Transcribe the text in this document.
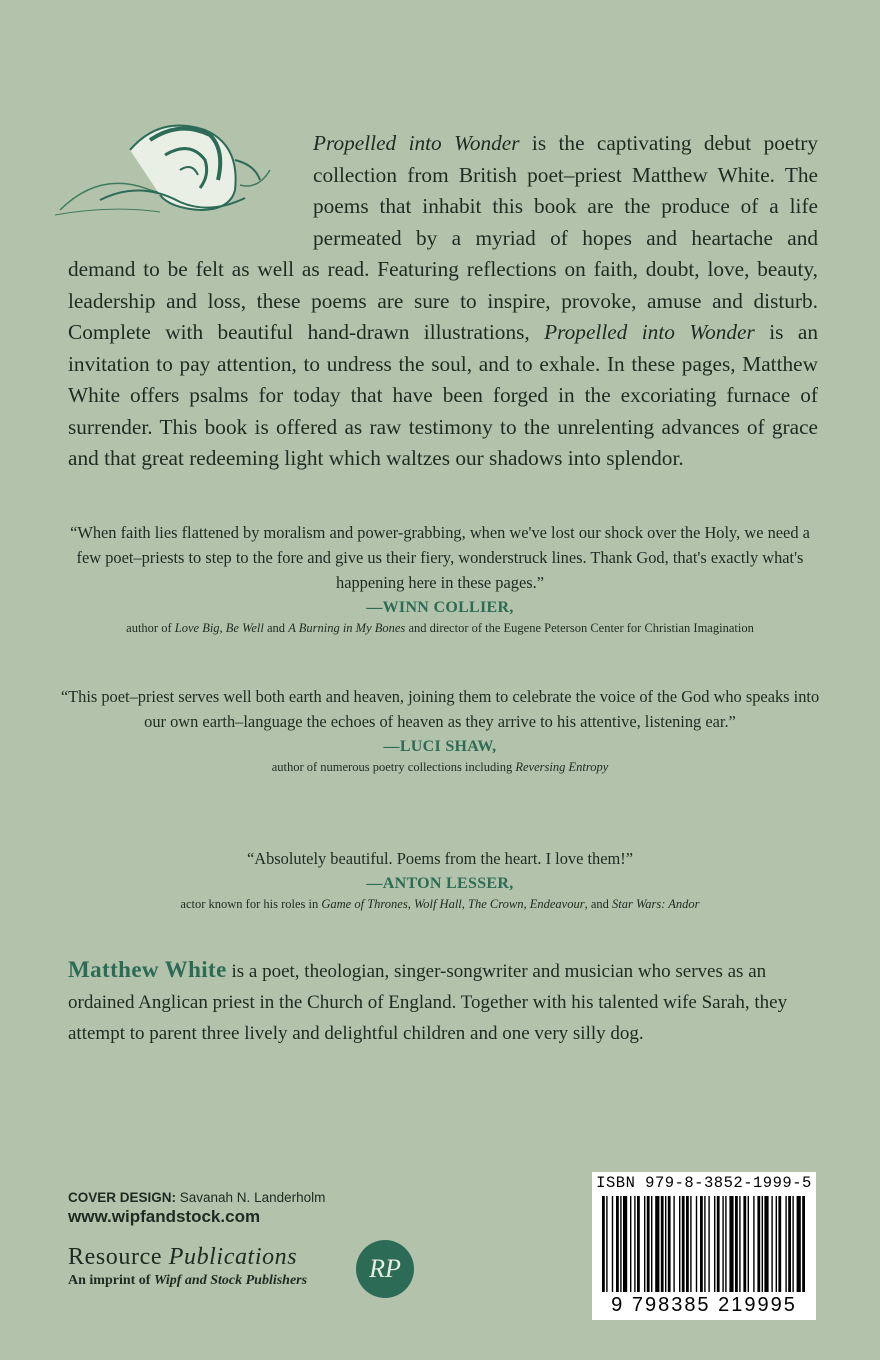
Propelled into Wonder is the captivating debut poetry collection from British poet–priest Matthew White. The poems that inhabit this book are the produce of a life permeated by a myriad of hopes and heartache and demand to be felt as well as read. Featuring reflections on faith, doubt, love, beauty, leadership and loss, these poems are sure to inspire, provoke, amuse and disturb. Complete with beautiful hand-drawn illustrations, Propelled into Wonder is an invitation to pay attention, to undress the soul, and to exhale. In these pages, Matthew White offers psalms for today that have been forged in the excoriating furnace of surrender. This book is offered as raw testimony to the unrelenting advances of grace and that great redeeming light which waltzes our shadows into splendor.
“When faith lies flattened by moralism and power-grabbing, when we've lost our shock over the Holy, we need a few poet–priests to step to the fore and give us their fiery, wonderstruck lines. Thank God, that's exactly what's happening here in these pages.”
—WINN COLLIER,
author of Love Big, Be Well and A Burning in My Bones and director of the Eugene Peterson Center for Christian Imagination
“This poet–priest serves well both earth and heaven, joining them to celebrate the voice of the God who speaks into our own earth–language the echoes of heaven as they arrive to his attentive, listening ear.”
—LUCI SHAW,
author of numerous poetry collections including Reversing Entropy
“Absolutely beautiful. Poems from the heart. I love them!”
—ANTON LESSER,
actor known for his roles in Game of Thrones, Wolf Hall, The Crown, Endeavour, and Star Wars: Andor
Matthew White is a poet, theologian, singer-songwriter and musician who serves as an ordained Anglican priest in the Church of England. Together with his talented wife Sarah, they attempt to parent three lively and delightful children and one very silly dog.
COVER DESIGN: Savanah N. Landerholm
www.wipfandstock.com
Resource Publications
An imprint of Wipf and Stock Publishers	RP
ISBN 979-8-3852-1999-5
9 798385 219995
